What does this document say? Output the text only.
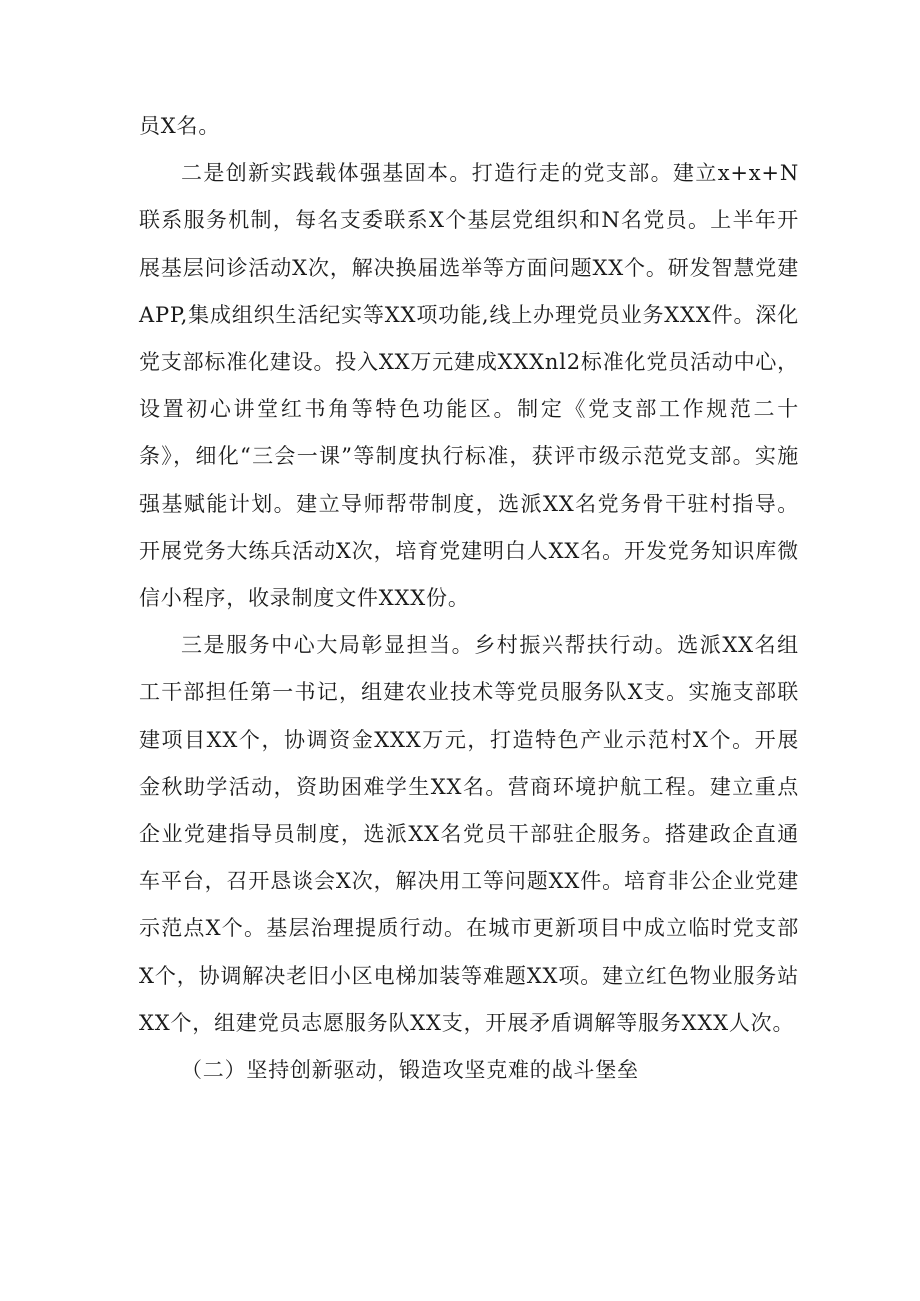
员X名。

二是创新实践载体强基固本。打造行走的党支部。建立x+x+N联系服务机制，每名支委联系X个基层党组织和N名党员。上半年开展基层问诊活动X次，解决换届选举等方面问题XX个。研发智慧党建APP,集成组织生活纪实等XX项功能,线上办理党员业务XXX件。深化党支部标准化建设。投入XX万元建成XXXnl2标准化党员活动中心，设置初心讲堂红书角等特色功能区。制定《党支部工作规范二十条》，细化“三会一课”等制度执行标准，获评市级示范党支部。实施强基赋能计划。建立导师帮带制度，选派XX名党务骨干驻村指导。开展党务大练兵活动X次，培育党建明白人XX名。开发党务知识库微信小程序，收录制度文件XXX份。

三是服务中心大局彰显担当。乡村振兴帮扶行动。选派XX名组工干部担任第一书记，组建农业技术等党员服务队X支。实施支部联建项目XX个，协调资金XXX万元，打造特色产业示范村X个。开展金秋助学活动，资助困难学生XX名。营商环境护航工程。建立重点企业党建指导员制度，选派XX名党员干部驻企服务。搭建政企直通车平台，召开恳谈会X次，解决用工等问题XX件。培育非公企业党建示范点X个。基层治理提质行动。在城市更新项目中成立临时党支部X个，协调解决老旧小区电梯加装等难题XX项。建立红色物业服务站XX个，组建党员志愿服务队XX支，开展矛盾调解等服务XXX人次。

（二）坚持创新驱动，锻造攻坚克难的战斗堡垒
